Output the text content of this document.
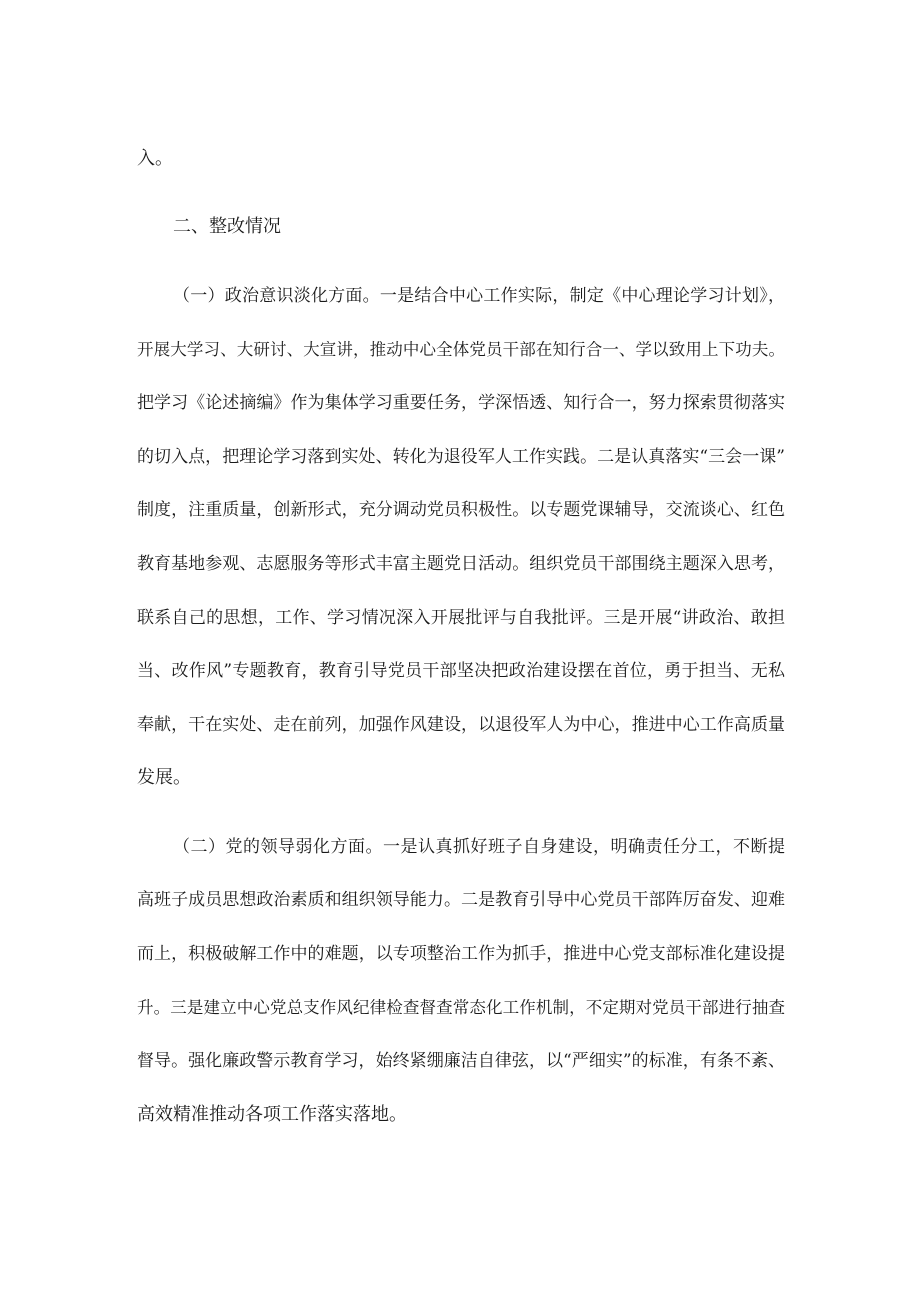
入。
二、整改情况
（一）政治意识淡化方面。一是结合中心工作实际，制定《中心理论学习计划》，
开展大学习、大研讨、大宣讲，推动中心全体党员干部在知行合一、学以致用上下功夫。
把学习《论述摘编》作为集体学习重要任务，学深悟透、知行合一，努力探索贯彻落实
的切入点，把理论学习落到实处、转化为退役军人工作实践。二是认真落实“三会一课”
制度，注重质量，创新形式，充分调动党员积极性。以专题党课辅导，交流谈心、红色
教育基地参观、志愿服务等形式丰富主题党日活动。组织党员干部围绕主题深入思考，
联系自己的思想，工作、学习情况深入开展批评与自我批评。三是开展“讲政治、敢担
当、改作风”专题教育，教育引导党员干部坚决把政治建设摆在首位，勇于担当、无私
奉献，干在实处、走在前列，加强作风建设，以退役军人为中心，推进中心工作高质量
发展。
（二）党的领导弱化方面。一是认真抓好班子自身建设，明确责任分工，不断提
高班子成员思想政治素质和组织领导能力。二是教育引导中心党员干部阵厉奋发、迎难
而上，积极破解工作中的难题，以专项整治工作为抓手，推进中心党支部标准化建设提
升。三是建立中心党总支作风纪律检查督查常态化工作机制，不定期对党员干部进行抽查
督导。强化廉政警示教育学习，始终紧绷廉洁自律弦，以“严细实”的标准，有条不紊、
高效精准推动各项工作落实落地。
